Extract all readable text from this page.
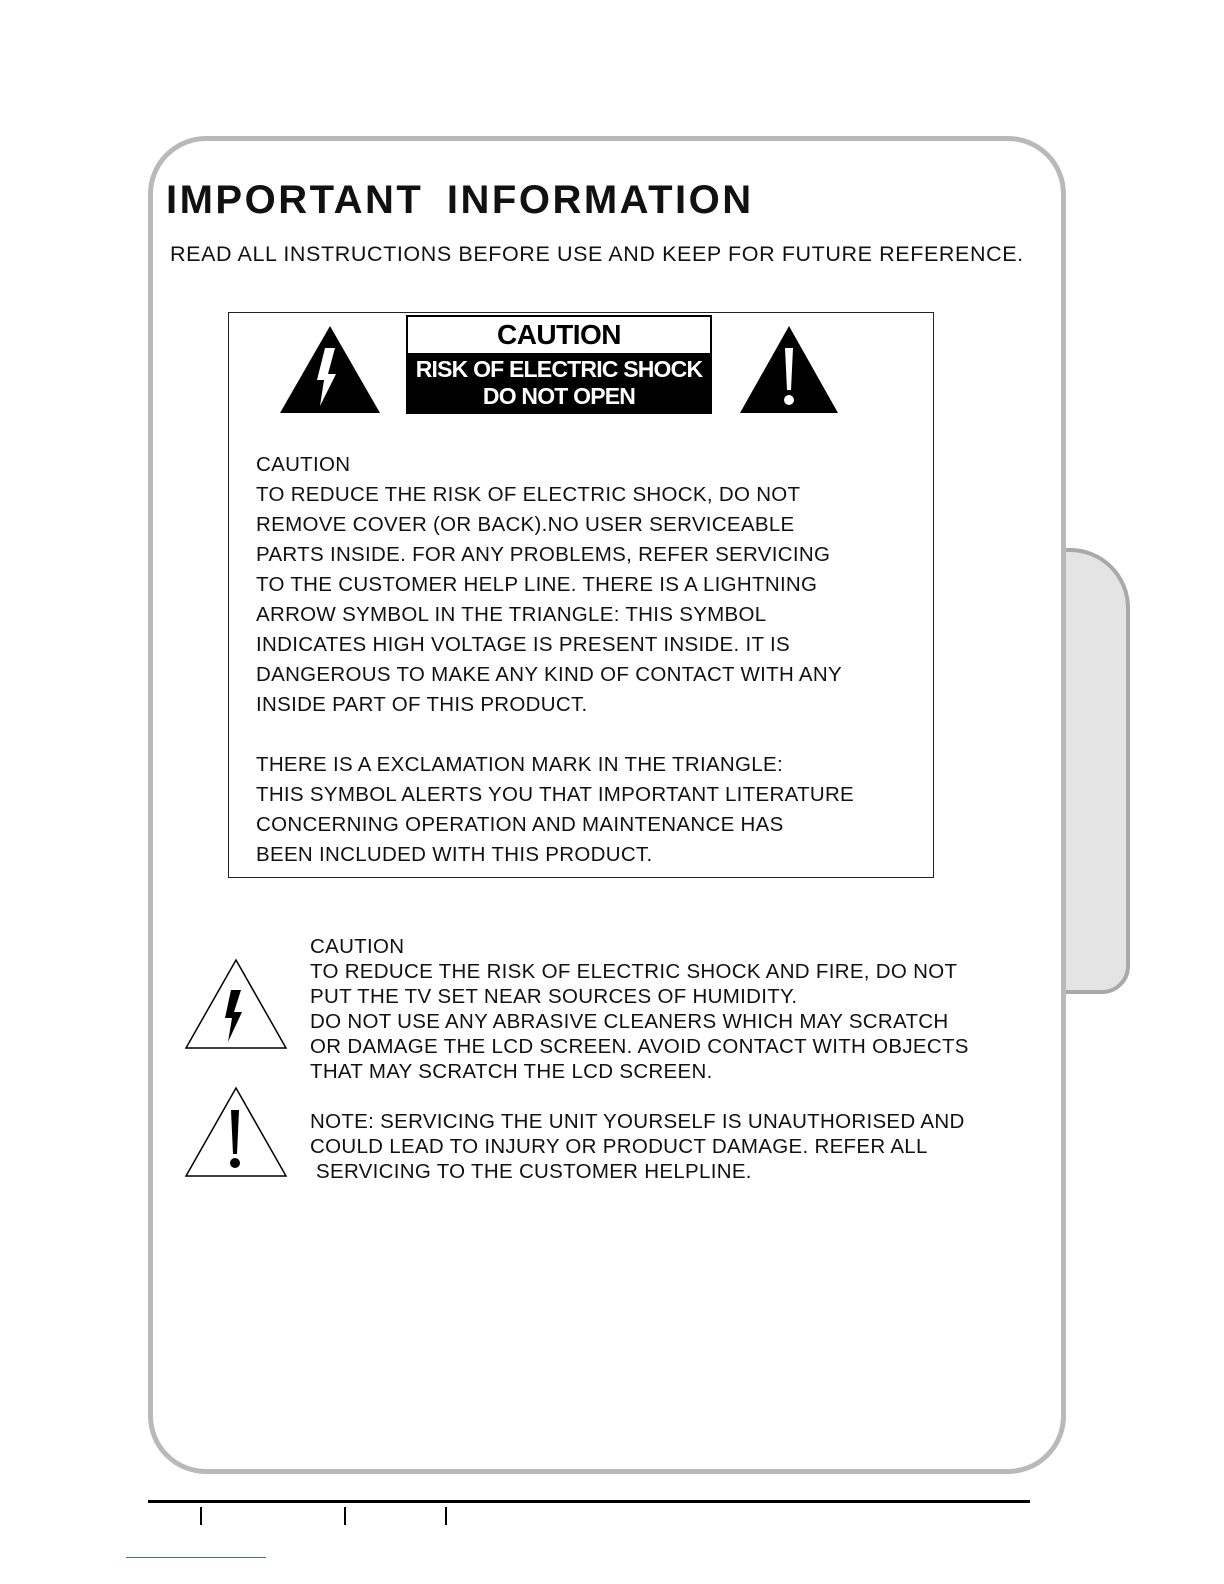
IMPORTANT INFORMATION

READ ALL INSTRUCTIONS BEFORE USE AND KEEP FOR FUTURE REFERENCE.

CAUTION
RISK OF ELECTRIC SHOCK
DO NOT OPEN

CAUTION

TO REDUCE THE RISK OF ELECTRIC SHOCK, DO NOT

REMOVE COVER (OR BACK).NO USER SERVICEABLE

PARTS INSIDE. FOR ANY PROBLEMS, REFER SERVICING

TO THE CUSTOMER HELP LINE. THERE IS A LIGHTNING

ARROW SYMBOL IN THE TRIANGLE: THIS SYMBOL

INDICATES HIGH VOLTAGE IS PRESENT INSIDE. IT IS

DANGEROUS TO MAKE ANY KIND OF CONTACT WITH ANY

INSIDE PART OF THIS PRODUCT.

THERE IS A EXCLAMATION MARK IN THE TRIANGLE:

THIS SYMBOL ALERTS YOU THAT IMPORTANT LITERATURE

CONCERNING OPERATION AND MAINTENANCE HAS

BEEN INCLUDED WITH THIS PRODUCT.

CAUTION

TO REDUCE THE RISK OF ELECTRIC SHOCK AND FIRE, DO NOT

PUT THE TV SET NEAR SOURCES OF HUMIDITY.

DO NOT USE ANY ABRASIVE CLEANERS WHICH MAY SCRATCH

OR DAMAGE THE LCD SCREEN. AVOID CONTACT WITH OBJECTS

THAT MAY SCRATCH THE LCD SCREEN.

NOTE: SERVICING THE UNIT YOURSELF IS UNAUTHORISED AND

COULD LEAD TO INJURY OR PRODUCT DAMAGE. REFER ALL

SERVICING TO THE CUSTOMER HELPLINE.
